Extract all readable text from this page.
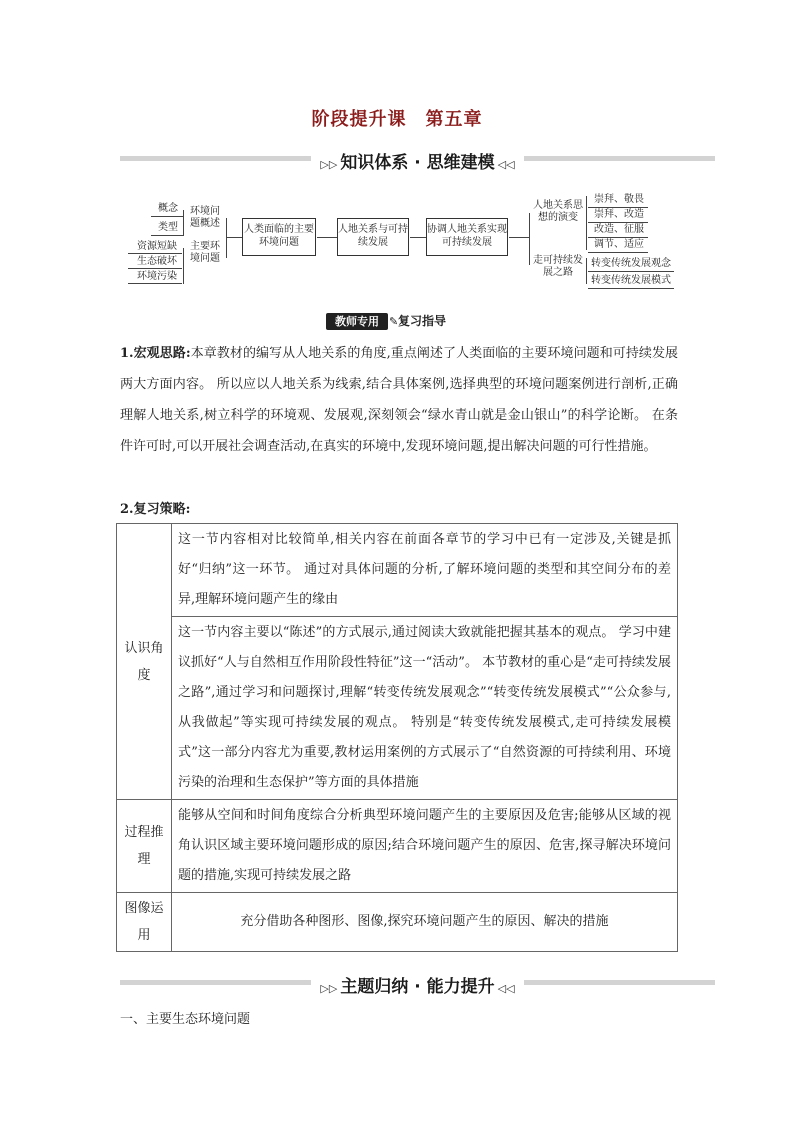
阶段提升课　第五章
▷▷ 知识体系 · 思维建模 ◁◁
概念
类型
资源短缺
生态破坏
环境污染
环境问题概述
主要环境问题
人类面临的主要环境问题
人地关系与可持续发展
协调人地关系实现可持续发展
人地关系思想的演变
走可持续发展之路
崇拜、敬畏
崇拜、改造
改造、征服
调节、适应
转变传统发展观念
转变传统发展模式
教师专用 ✎ 复习指导
1.宏观思路:本章教材的编写从人地关系的角度,重点阐述了人类面临的主要环境问题和可持续发展两大方面内容。 所以应以人地关系为线索,结合具体案例,选择典型的环境问题案例进行剖析,正确理解人地关系,树立科学的环境观、发展观,深刻领会“绿水青山就是金山银山”的科学论断。 在条件许可时,可以开展社会调查活动,在真实的环境中,发现环境问题,提出解决问题的可行性措施。
2.复习策略:
认识角度	这一节内容相对比较简单,相关内容在前面各章节的学习中已有一定涉及,关键是抓好“归纳”这一环节。 通过对具体问题的分析,了解环境问题的类型和其空间分布的差异,理解环境问题产生的缘由
	这一节内容主要以“陈述”的方式展示,通过阅读大致就能把握其基本的观点。 学习中建议抓好“人与自然相互作用阶段性特征”这一“活动”。 本节教材的重心是“走可持续发展之路”,通过学习和问题探讨,理解“转变传统发展观念”“转变传统发展模式”“公众参与,从我做起”等实现可持续发展的观点。 特别是“转变传统发展模式,走可持续发展模式”这一部分内容尤为重要,教材运用案例的方式展示了“自然资源的可持续利用、环境污染的治理和生态保护”等方面的具体措施
过程推理	能够从空间和时间角度综合分析典型环境问题产生的主要原因及危害;能够从区域的视角认识区域主要环境问题形成的原因;结合环境问题产生的原因、危害,探寻解决环境问题的措施,实现可持续发展之路
图像运用	充分借助各种图形、图像,探究环境问题产生的原因、解决的措施
▷▷ 主题归纳 · 能力提升 ◁◁
一、主要生态环境问题
